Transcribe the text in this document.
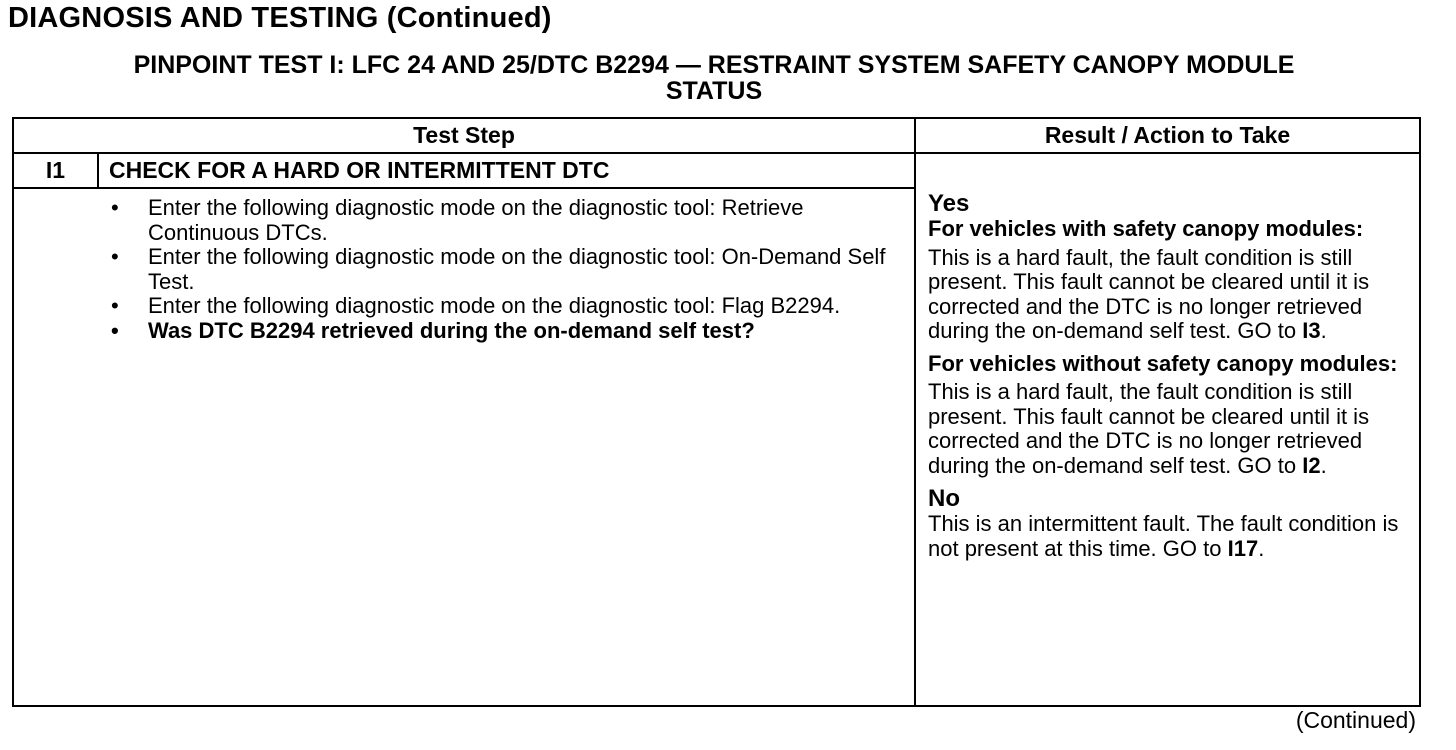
DIAGNOSIS AND TESTING (Continued)
PINPOINT TEST I: LFC 24 AND 25/DTC B2294 — RESTRAINT SYSTEM SAFETY CANOPY MODULE
STATUS
Test Step	Result / Action to Take
I1	CHECK FOR A HARD OR INTERMITTENT DTC
• Enter the following diagnostic mode on the diagnostic tool: Retrieve Continuous DTCs.
• Enter the following diagnostic mode on the diagnostic tool: On-Demand Self Test.
• Enter the following diagnostic mode on the diagnostic tool: Flag B2294.
• Was DTC B2294 retrieved during the on-demand self test?
Yes
For vehicles with safety canopy modules:
This is a hard fault, the fault condition is still present. This fault cannot be cleared until it is corrected and the DTC is no longer retrieved during the on-demand self test. GO to I3.
For vehicles without safety canopy modules:
This is a hard fault, the fault condition is still present. This fault cannot be cleared until it is corrected and the DTC is no longer retrieved during the on-demand self test. GO to I2.
No
This is an intermittent fault. The fault condition is not present at this time. GO to I17.
(Continued)
